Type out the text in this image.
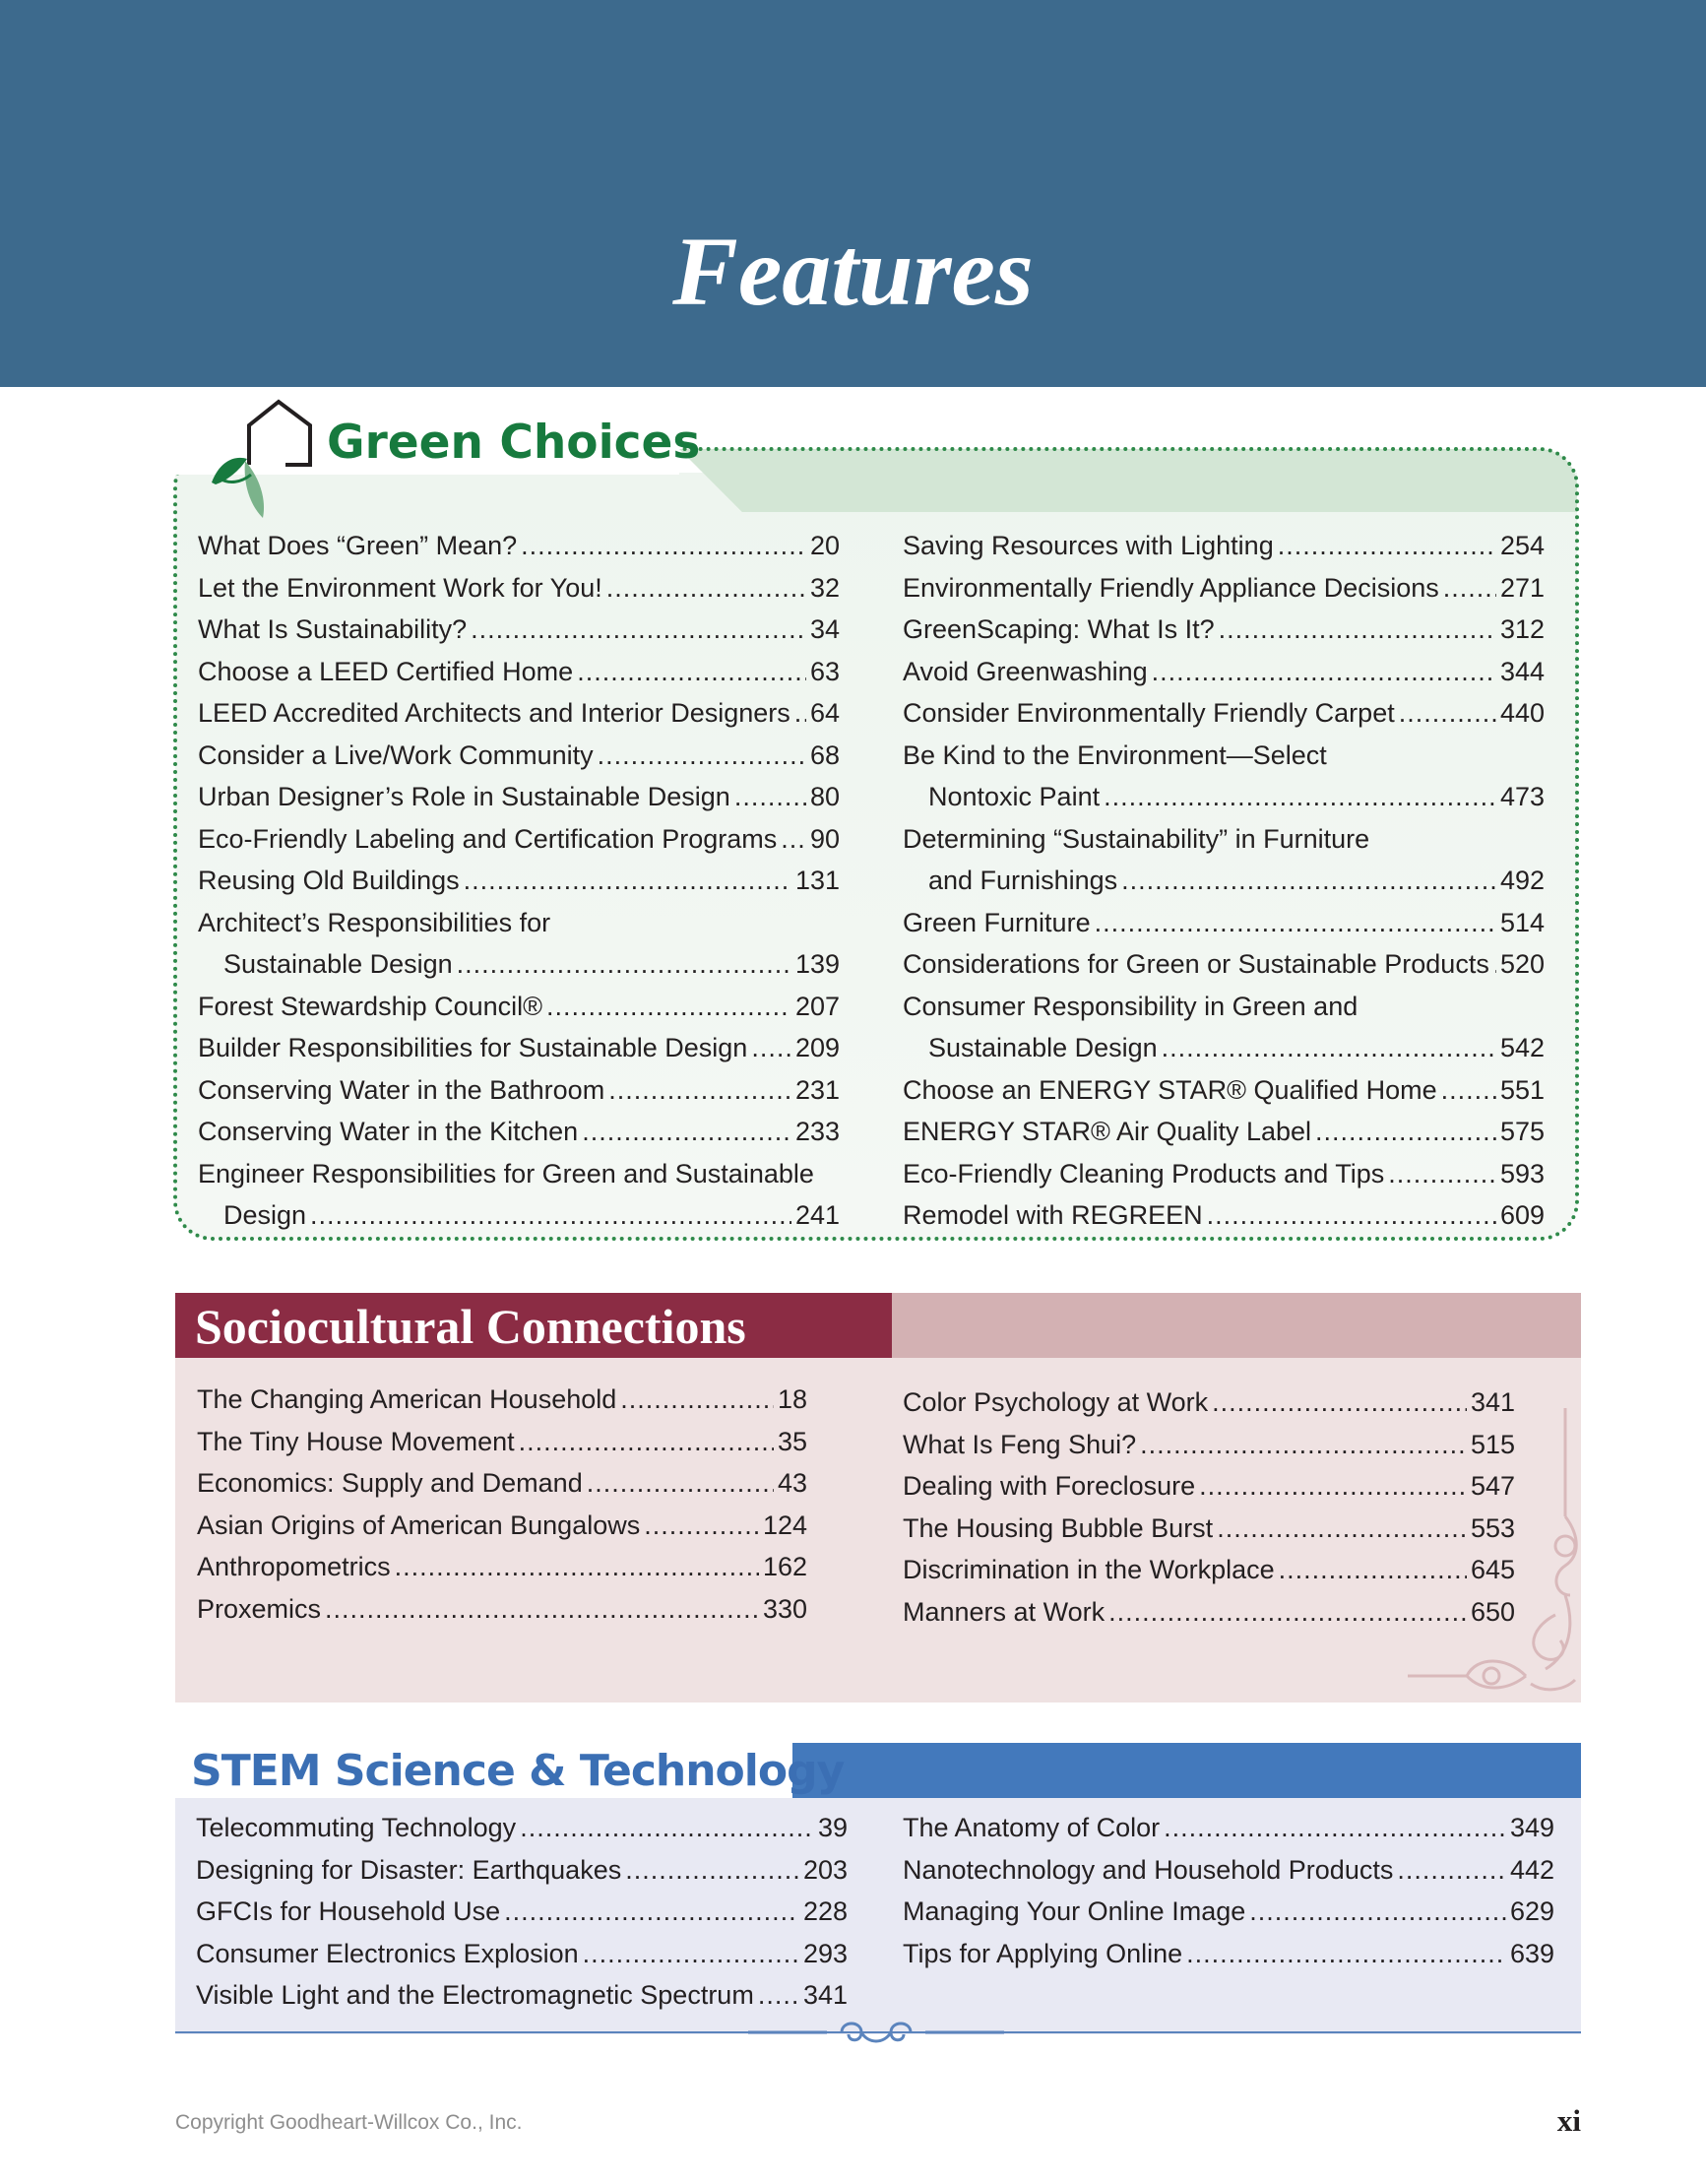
Features
Green Choices
What Does “Green” Mean? .....	20
Let the Environment Work for You! .....	32
What Is Sustainability? .....	34
Choose a LEED Certified Home .....	63
LEED Accredited Architects and Interior Designers ..... 64
Consider a Live/Work Community .....	68
Urban Designer’s Role in Sustainable Design .....	80
Eco-Friendly Labeling and Certification Programs ..... 90
Reusing Old Buildings .....	131
Architect’s Responsibilities for
Sustainable Design .....	139
Forest Stewardship Council® .....	207
Builder Responsibilities for Sustainable Design ..... 209
Conserving Water in the Bathroom .....	231
Conserving Water in the Kitchen .....	233
Engineer Responsibilities for Green and Sustainable
Design .....	241
Saving Resources with Lighting .....	254
Environmentally Friendly Appliance Decisions ..... 271
GreenScaping: What Is It? .....	312
Avoid Greenwashing .....	344
Consider Environmentally Friendly Carpet .....	440
Be Kind to the Environment—Select
Nontoxic Paint .....	473
Determining “Sustainability” in Furniture
and Furnishings .....	492
Green Furniture .....	514
Considerations for Green or Sustainable Products ..... 520
Consumer Responsibility in Green and
Sustainable Design .....	542
Choose an ENERGY STAR® Qualified Home ..... 551
ENERGY STAR® Air Quality Label .....	575
Eco-Friendly Cleaning Products and Tips .....	593
Remodel with REGREEN .....	609
Sociocultural Connections
The Changing American Household .....	18
The Tiny House Movement .....	35
Economics: Supply and Demand .....	43
Asian Origins of American Bungalows .....	124
Anthropometrics .....	162
Proxemics .....	330
Color Psychology at Work .....	341
What Is Feng Shui? .....	515
Dealing with Foreclosure .....	547
The Housing Bubble Burst .....	553
Discrimination in the Workplace .....	645
Manners at Work .....	650
STEM Science & Technology
Telecommuting Technology .....	39
Designing for Disaster: Earthquakes .....	203
GFCIs for Household Use .....	228
Consumer Electronics Explosion .....	293
Visible Light and the Electromagnetic Spectrum ..... 341
The Anatomy of Color .....	349
Nanotechnology and Household Products .....	442
Managing Your Online Image .....	629
Tips for Applying Online .....	639
Copyright Goodheart-Willcox Co., Inc.	xi
